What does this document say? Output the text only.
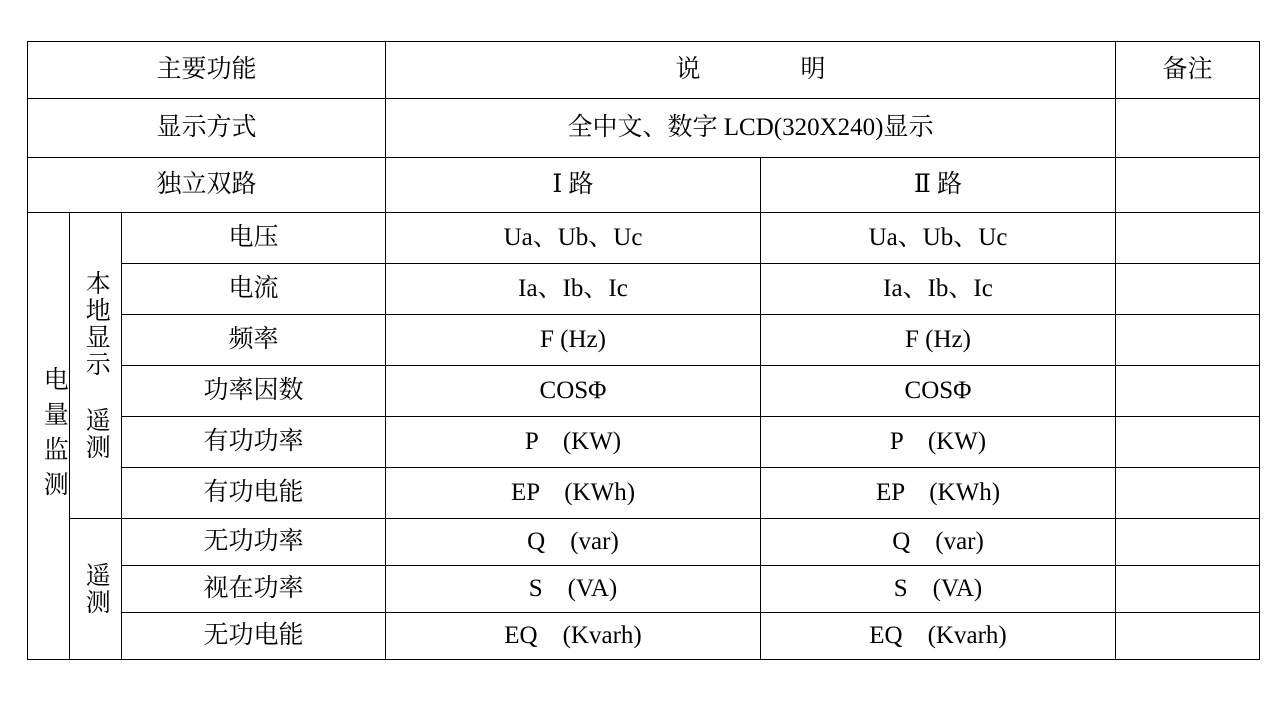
主要功能			说　　　　明		备注
显示方式			全中文、数字 LCD(320X240)显示		
独立双路			Ⅰ 路	Ⅱ 路	

电量监测	本地显示 遥测	电压	Ua、Ub、Uc	Ua、Ub、Uc	
		电流	Ia、Ib、Ic	Ia、Ib、Ic	
		频率	F (Hz)	F (Hz)	
		功率因数	COSΦ	COSΦ	
		有功功率	P　(KW)	P　(KW)	
		有功电能	EP　(KWh)	EP　(KWh)	

	遥测	无功功率	Q　(var)	Q　(var)	
		视在功率	S　(VA)	S　(VA)	
		无功电能	EQ　(Kvarh)	EQ　(Kvarh)	
